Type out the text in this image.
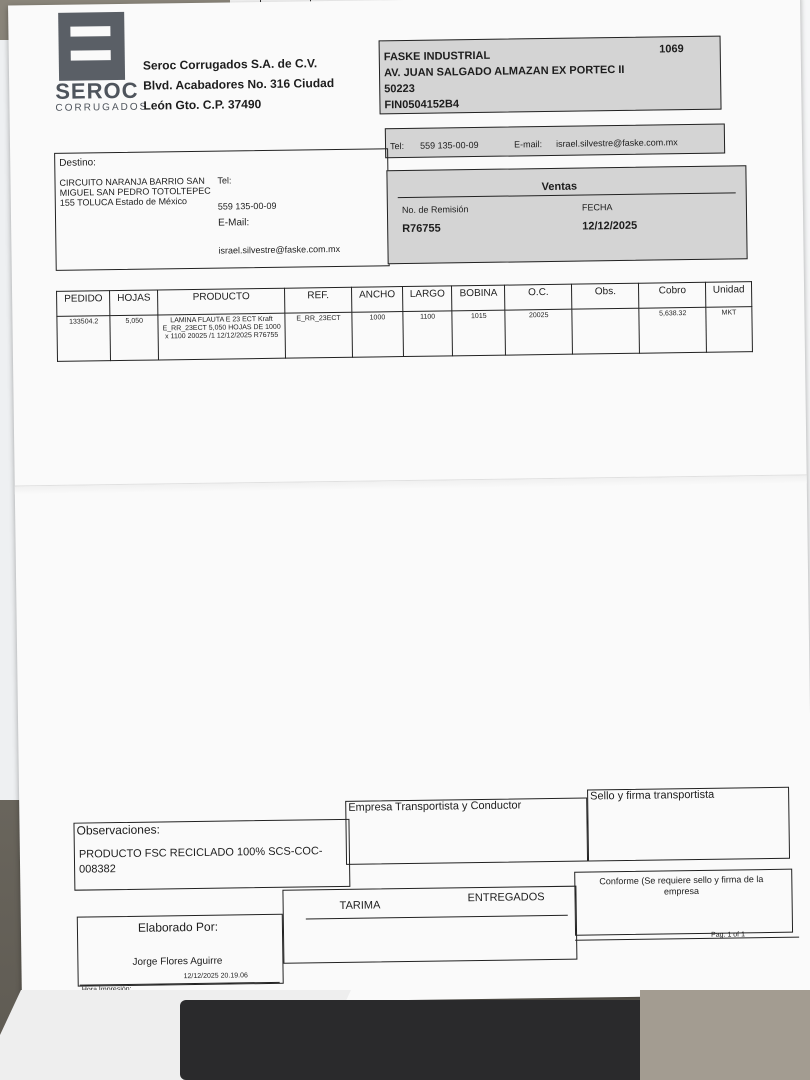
SEROC
CORRUGADOS
Seroc Corrugados S.A. de C.V.
Blvd. Acabadores No. 316 Ciudad
León Gto. C.P. 37490
FASKE INDUSTRIAL
1069
AV. JUAN SALGADO ALMAZAN EX PORTEC II
50223
FIN0504152B4
Tel: 559 135-00-09	E-mail: israel.silvestre@faske.com.mx
Destino:
CIRCUITO NARANJA BARRIO SAN MIGUEL SAN PEDRO TOTOLTEPEC 155 TOLUCA Estado de México
Tel:
559 135-00-09
E-Mail:
israel.silvestre@faske.com.mx
Ventas
No. de Remisión	FECHA
R76755	12/12/2025
PEDIDO	HOJAS	PRODUCTO	REF.	ANCHO	LARGO	BOBINA	O.C.	Obs.	Cobro	Unidad
133504.2	5,050	LAMINA FLAUTA E 23 ECT Kraft E_RR_23ECT 5,050 HOJAS DE 1000 x 1100 20025 /1 12/12/2025 R76755	E_RR_23ECT	1000	1100	1015	20025		5,638.32	MKT
Observaciones:
PRODUCTO FSC RECICLADO 100% SCS-COC-008382
Empresa Transportista y Conductor
Sello y firma transportista
Elaborado Por:
Jorge Flores Aguirre
TARIMA
ENTREGADOS
Conforme (Se requiere sello y firma de la empresa
Pag. 1 of 1
12/12/2025 20.19.06
